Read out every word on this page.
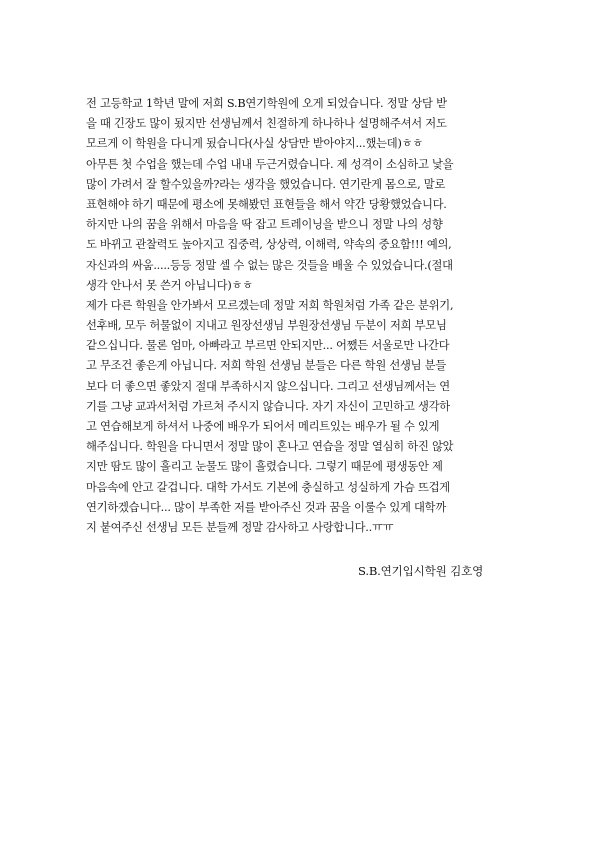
전 고등학교 1학년 말에 저희 S.B연기학원에 오게 되었습니다. 정말 상담 받
을 때 긴장도 많이 됬지만 선생님께서 친절하게 하나하나 설명해주셔서 저도
모르게 이 학원을 다니게 됬습니다(사실 상담만 받아야지...했는데)ㅎㅎ
아무튼 첫 수업을 했는데 수업 내내 두근거렸습니다. 제 성격이 소심하고 낯을
많이 가려서 잘 할수있을까?라는 생각을 했었습니다. 연기란게 몸으로, 말로
표현해야 하기 때문에 평소에 못해봤던 표현들을 해서 약간 당황했었습니다.
하지만 나의 꿈을 위해서 마음을 딱 잡고 트레이닝을 받으니 정말 나의 성향
도 바뀌고 관찰력도 높아지고 집중력, 상상력, 이해력, 약속의 중요함!!! 예의,
자신과의 싸움.....등등 정말 셀 수 없는 많은 것들을 배울 수 있었습니다.(절대
생각 안나서 못 쓴거 아닙니다)ㅎㅎ
제가 다른 학원을 안가봐서 모르겠는데 정말 저희 학원처럼 가족 같은 분위기,
선후배, 모두 허물없이 지내고 원장선생님 부원장선생님 두분이 저희 부모님
같으십니다. 물론 엄마, 아빠라고 부르면 안되지만... 어쨌든 서울로만 나간다
고 무조건 좋은게 아닙니다. 저희 학원 선생님 분들은 다른 학원 선생님 분들
보다 더 좋으면 좋았지 절대 부족하시지 않으십니다. 그리고 선생님께서는 연
기를 그냥 교과서처럼 가르쳐 주시지 않습니다. 자기 자신이 고민하고 생각하
고 연습해보게 하셔서 나중에 배우가 되어서 메리트있는 배우가 될 수 있게
해주십니다. 학원을 다니면서 정말 많이 혼나고 연습을 정말 열심히 하진 않았
지만 땀도 많이 흘리고 눈물도 많이 흘렸습니다. 그렇기 때문에 평생동안 제
마음속에 안고 갈겁니다. 대학 가서도 기본에 충실하고 성실하게 가슴 뜨겁게
연기하겠습니다... 많이 부족한 저를 받아주신 것과 꿈을 이룰수 있게 대학까
지 붙여주신 선생님 모든 분들께 정말 감사하고 사랑합니다..ㅠㅠ
S.B.연기입시학원 김호영
